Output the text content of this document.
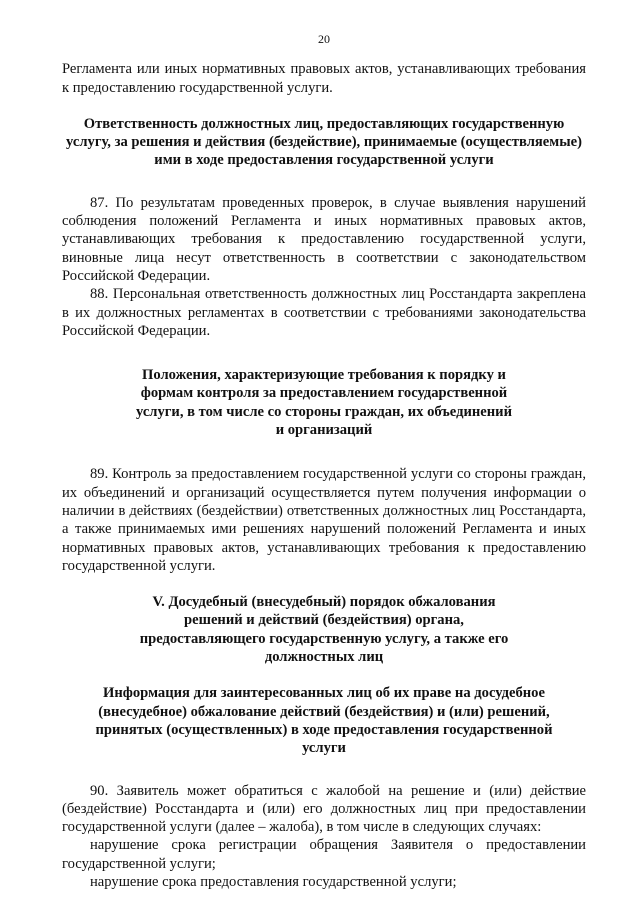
20

Регламента или иных нормативных правовых актов, устанавливающих требования к предоставлению государственной услуги.

Ответственность должностных лиц, предоставляющих государственную услугу, за решения и действия (бездействие), принимаемые (осуществляемые) ими в ходе предоставления государственной услуги

87. По результатам проведенных проверок, в случае выявления нарушений соблюдения положений Регламента и иных нормативных правовых актов, устанавливающих требования к предоставлению государственной услуги, виновные лица несут ответственность в соответствии с законодательством Российской Федерации.

88. Персональная ответственность должностных лиц Росстандарта закреплена в их должностных регламентах в соответствии с требованиями законодательства Российской Федерации.

Положения, характеризующие требования к порядку и формам контроля за предоставлением государственной услуги, в том числе со стороны граждан, их объединений и организаций

89. Контроль за предоставлением государственной услуги со стороны граждан, их объединений и организаций осуществляется путем получения информации о наличии в действиях (бездействии) ответственных должностных лиц Росстандарта, а также принимаемых ими решениях нарушений положений Регламента и иных нормативных правовых актов, устанавливающих требования к предоставлению государственной услуги.

V. Досудебный (внесудебный) порядок обжалования решений и действий (бездействия) органа, предоставляющего государственную услугу, а также его должностных лиц
Информация для заинтересованных лиц об их праве на досудебное (внесудебное) обжалование действий (бездействия) и (или) решений, принятых (осуществленных) в ходе предоставления государственной услуги

90. Заявитель может обратиться с жалобой на решение и (или) действие (бездействие) Росстандарта и (или) его должностных лиц при предоставлении государственной услуги (далее – жалоба), в том числе в следующих случаях:

нарушение срока регистрации обращения Заявителя о предоставлении государственной услуги;

нарушение срока предоставления государственной услуги;
